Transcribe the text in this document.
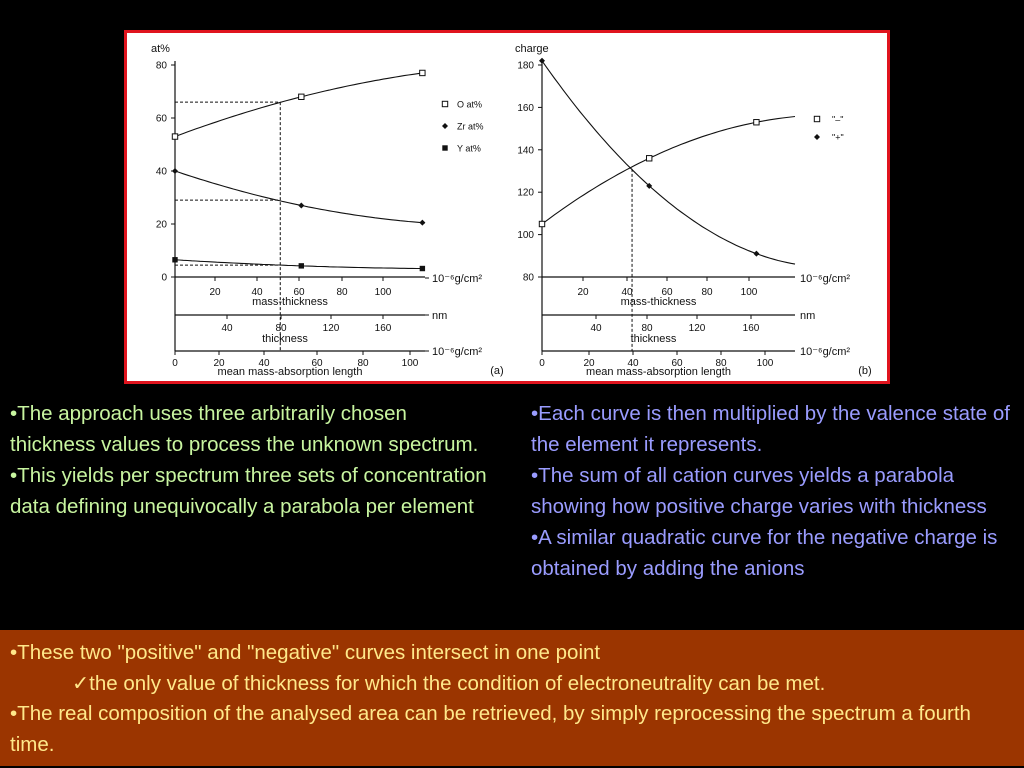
0
20
40
60
80
at%
20	40	60	80	100
mass-thickness
40	80	120	160
thickness
0	20	40	60	80	100
mean mass-absorption length
10⁻⁶g/cm²
nm
10⁻⁶g/cm²
O at%
Zr at%
Y at%
(a)
80
100
120
140
160
180
charge
20	40	60	80	100
mass-thickness
40	80	120	160
thickness
0	20	40	60	80	100
mean mass-absorption length
10⁻⁶g/cm²
nm
10⁻⁶g/cm²
"–"
"+"
(b)
•The approach uses three arbitrarily chosen thickness values to process the unknown spectrum.
•This yields per spectrum three sets of concentration data defining unequivocally a parabola per element
•Each curve is then multiplied by the valence state of the element it represents.
•The sum of all cation curves yields a parabola showing how positive charge varies with thickness
•A similar quadratic curve for the negative charge is obtained by adding the anions
•These two "positive" and "negative" curves intersect in one point
✓the only value of thickness for which the condition of electroneutrality can be met.
•The real composition of the analysed area can be retrieved, by simply reprocessing the spectrum a fourth time.
